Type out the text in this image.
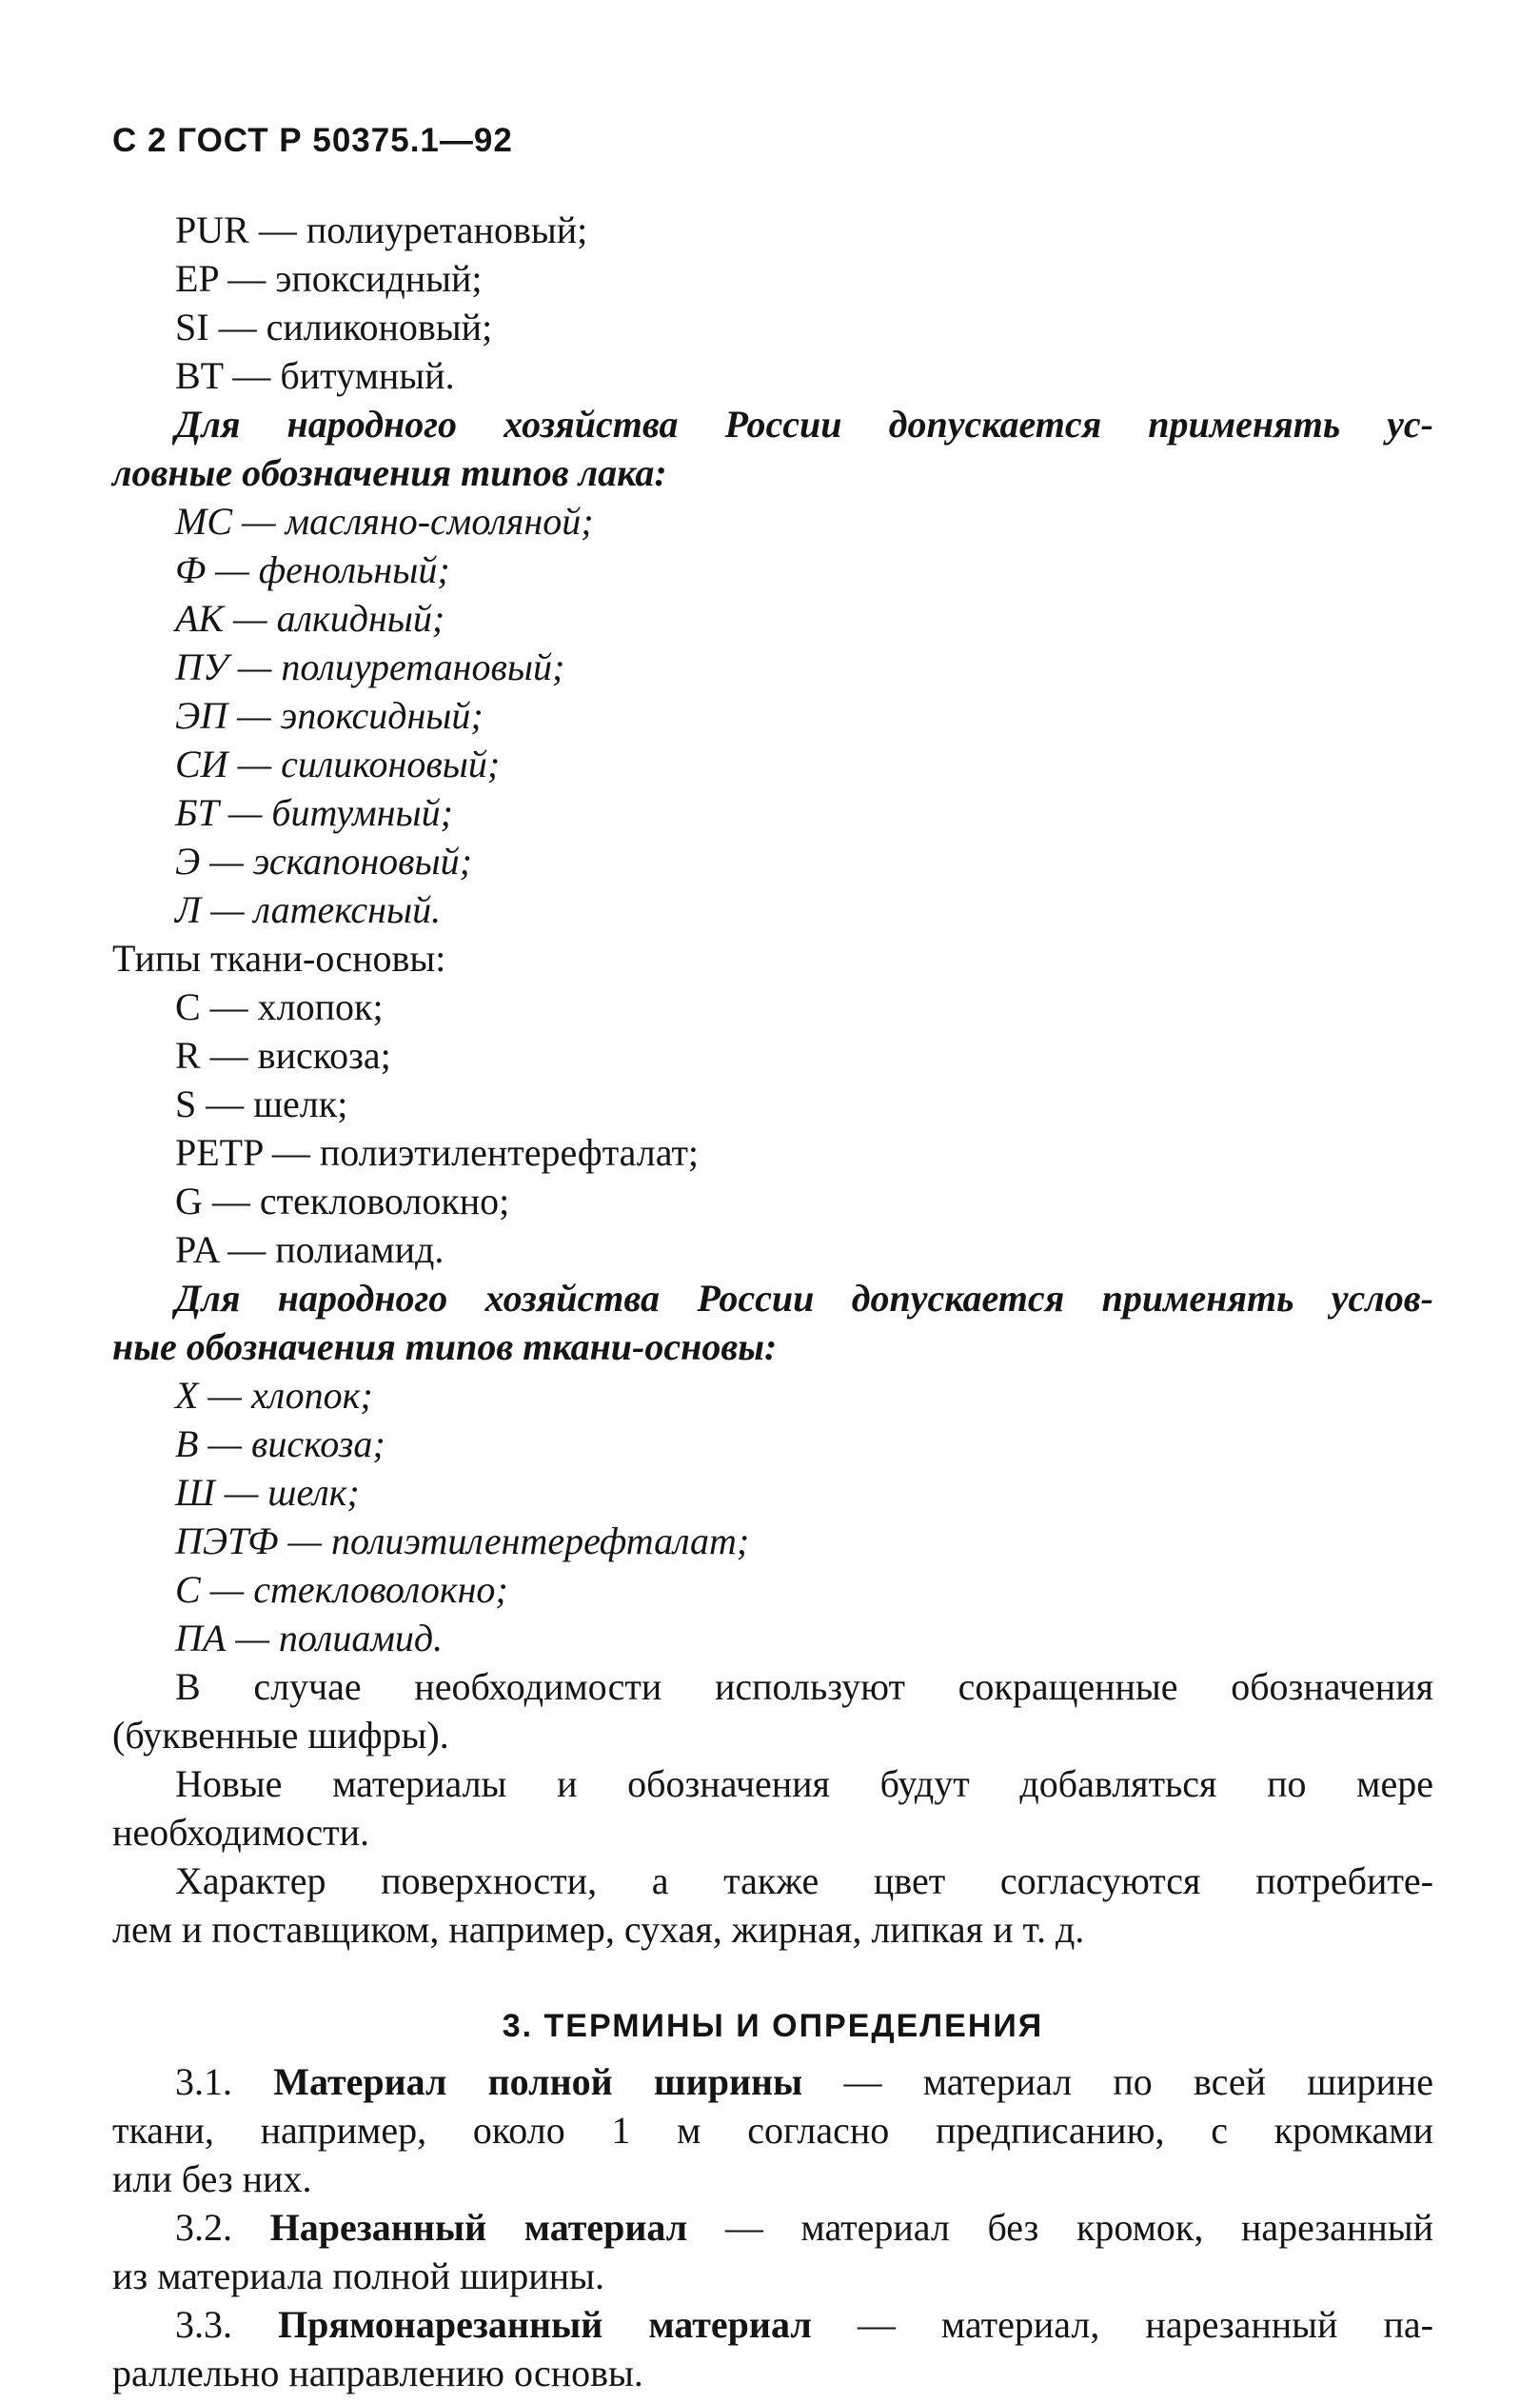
С 2 ГОСТ Р 50375.1—92
PUR — полиуретановый;
EP — эпоксидный;
SI — силиконовый;
BT — битумный.
Для народного хозяйства России допускается применять ус-
ловные обозначения типов лака:
МС — масляно-смоляной;
Ф — фенольный;
АК — алкидный;
ПУ — полиуретановый;
ЭП — эпоксидный;
СИ — силиконовый;
БТ — битумный;
Э — эскапоновый;
Л — латексный.
Типы ткани-основы:
С — хлопок;
R — вискоза;
S — шелк;
PETP — полиэтилентерефталат;
G — стекловолокно;
PA — полиамид.
Для народного хозяйства России допускается применять услов-
ные обозначения типов ткани-основы:
Х — хлопок;
В — вискоза;
Ш — шелк;
ПЭТФ — полиэтилентерефталат;
С — стекловолокно;
ПА — полиамид.
В случае необходимости используют сокращенные обозначения
(буквенные шифры).
Новые материалы и обозначения будут добавляться по мере
необходимости.
Характер поверхности, а также цвет согласуются потребите-
лем и поставщиком, например, сухая, жирная, липкая и т. д.
3. ТЕРМИНЫ И ОПРЕДЕЛЕНИЯ
3.1. Материал полной ширины — материал по всей ширине
ткани, например, около 1 м согласно предписанию, с кромками
или без них.
3.2. Нарезанный материал — материал без кромок, нарезанный
из материала полной ширины.
3.3. Прямонарезанный материал — материал, нарезанный па-
раллельно направлению основы.
